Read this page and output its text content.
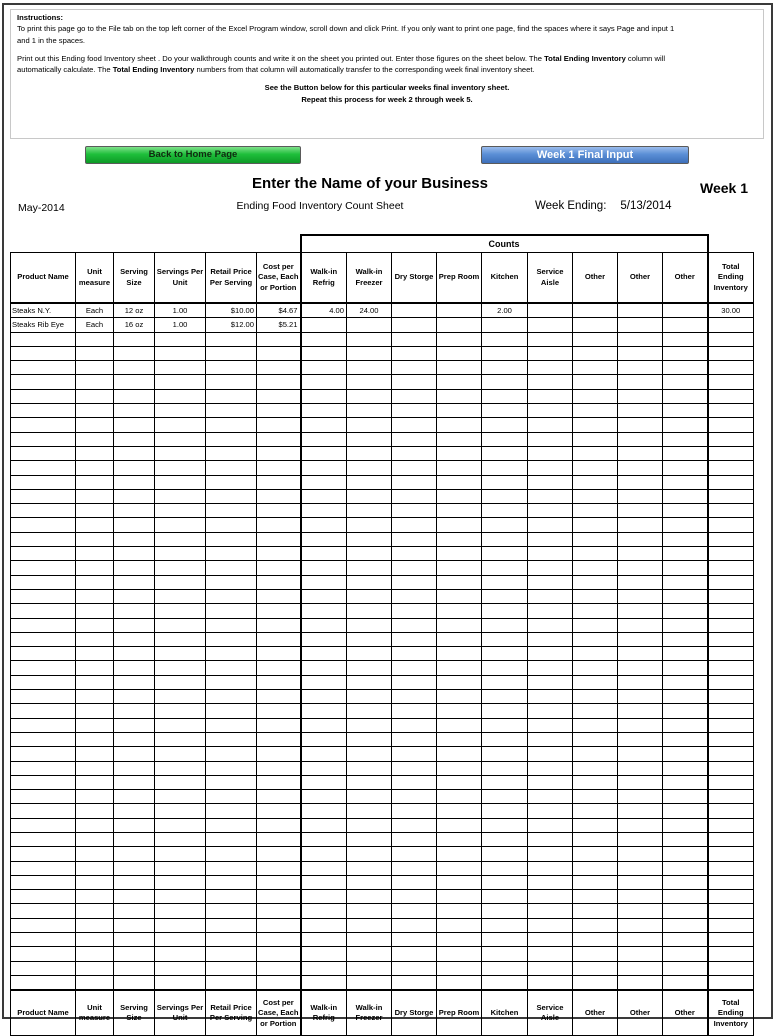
Instructions:

To print this page go to the File tab on the top left corner of the Excel Program window, scroll down and click Print. If you only want to print one page, find the spaces where it says Page and input 1

and 1 in the spaces.

Print out this Ending food Inventory sheet . Do your walkthrough counts and write it on the sheet you printed out. Enter those figures on the sheet below. The Total Ending Inventory column will

automatically calculate. The Total Ending Inventory numbers from that column will automatically transfer to the corresponding week final inventory sheet.

See the Button below for this particular weeks final inventory sheet.

Repeat this process for week 2 through week 5.

Back to Home Page	Week 1 Final Input
Enter the Name of your Business	Week 1
May-2014	Ending Food Inventory Count Sheet	Week Ending: 5/13/2014
						Counts									
Product Name	Unit measure	Serving Size	Servings Per Unit	Retail Price Per Serving	Cost per Case, Each or Portion	Walk-in Refrig	Walk-in Freezer	Dry Storge	Prep Room	Kitchen	Service Aisle	Other	Other	Other	Total Ending Inventory
Steaks N.Y.	Each	12 oz	1.00	$10.00	$4.67	4.00	24.00			2.00					30.00
Steaks Rib Eye	Each	16 oz	1.00	$12.00	$5.21										

Product Name	Unit measure	Serving Size	Servings Per Unit	Retail Price Per Serving	Cost per Case, Each or Portion	Walk-in Refrig	Walk-in Freezer	Dry Storge	Prep Room	Kitchen	Service Aisle	Other	Other	Other	Total Ending Inventory
